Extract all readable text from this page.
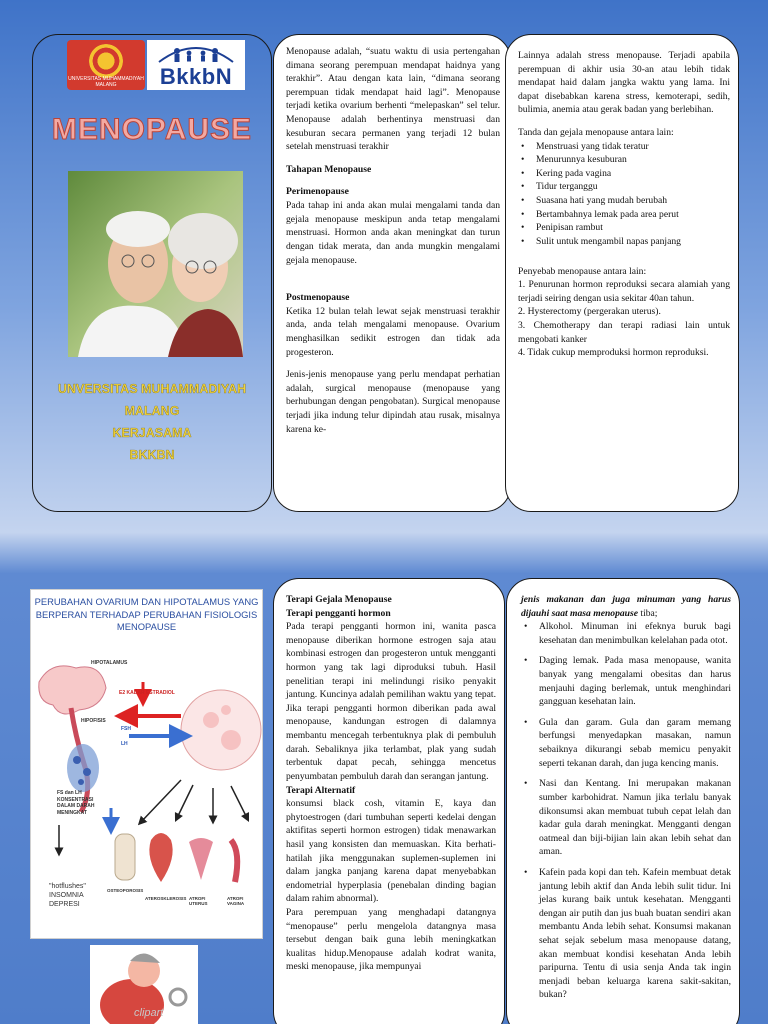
UNIVERSITAS MUHAMMADIYAH MALANG	BkkbN
MENOPAUSE
UNVERSITAS MUHAMMADIYAH MALANG
KERJASAMA
BKKBN

Menopause adalah, “suatu waktu di usia pertengahan dimana seorang perempuan mendapat haidnya yang terakhir”. Atau dengan kata lain, “dimana seorang perempuan tidak mendapat haid lagi”. Menopause terjadi ketika ovarium berhenti “melepaskan” sel telur. Menopause adalah berhentinya menstruasi dan kesuburan secara permanen yang terjadi 12 bulan setelah menstruasi terakhir

Tahapan Menopause

Perimenopause

Pada tahap ini anda akan mulai mengalami tanda dan gejala menopause meskipun anda tetap mengalami menstruasi. Hormon anda akan meningkat dan turun dengan tidak merata, dan anda mungkin mengalami gejala menopause.

Postmenopause

Ketika 12 bulan telah lewat sejak menstruasi terakhir anda, anda telah mengalami menopause. Ovarium menghasilkan sedikit estrogen dan tidak ada progesteron.

Jenis-jenis menopause yang perlu mendapat perhatian adalah, surgical menopause (menopause yang berhubungan dengan pengobatan). Surgical menopause terjadi jika indung telur dipindah atau rusak, misalnya karena ke-

Lainnya adalah stress menopause. Terjadi apabila perempuan di akhir usia 30-an atau lebih tidak mendapat haid dalam jangka waktu yang lama. Ini dapat disebabkan karena stress, kemoterapi, sedih, bulimia, anemia atau gerak badan yang berlebihan.

Tanda dan gejala menopause antara lain:

• Menstruasi yang tidak teratur
• Menurunnya kesuburan
• Kering pada vagina
• Tidur terganggu
• Suasana hati yang mudah berubah
• Bertambahnya lemak pada area perut
• Penipisan rambut
• Sulit untuk mengambil napas panjang

Penyebab menopause antara lain:

1. Penurunan hormon reproduksi secara alamiah yang terjadi seiring dengan usia sekitar 40an tahun.

2. Hysterectomy (pergerakan uterus).

3. Chemotherapy dan terapi radiasi lain untuk mengobati kanker

4. Tidak cukup memproduksi hormon reproduksi.

PERUBAHAN OVARIUM DAN HIPOTALAMUS YANG BERPERAN TERHADAP PERUBAHAN FISIOLOGIS MENOPAUSE
HIPOTALAMUS
HIPOFISIS
E2 KADAR ESTRADIOL
FSH
LH
FS dan LH KONSENTRASI DALAM DARAH MENINGKAT
"hotflushes" INSOMNIA DEPRESI
OSTEOPOROSIS
ATEROSKLEROSIS ATROFI UTERUS
ATROFI VAGINA
clipart

Terapi Gejala Menopause

Terapi pengganti hormon

Pada terapi pengganti hormon ini, wanita pasca menopause diberikan hormone estrogen saja atau kombinasi estrogen dan progesteron untuk mengganti hormon yang tak lagi diproduksi tubuh. Hasil penelitian terapi ini melindungi risiko penyakit jantung. Kuncinya adalah pemilihan waktu yang tepat. Jika terapi pengganti hormon diberikan pada awal menopause, kandungan estrogen di dalamnya membantu mencegah terbentuknya plak di pembuluh darah. Sebaliknya jika terlambat, plak yang sudah terbentuk dapat pecah, sehingga mencetus penyumbatan pembuluh darah dan serangan jantung.

Terapi Alternatif

konsumsi black cosh, vitamin E, kaya dan phytoestrogen (dari tumbuhan seperti kedelai dengan aktifitas seperti hormon estrogen) tidak menawarkan hasil yang konsisten dan memuaskan. Kita berhati-hatilah jika menggunakan suplemen-suplemen ini dalam jangka panjang karena dapat menyebabkan endometrial hyperplasia (penebalan dinding bagian dalam rahim abnormal).

Para perempuan yang menghadapi datangnya “menopause” perlu mengelola datangnya masa tersebut dengan baik guna lebih meningkatkan kualitas hidup.Menopause adalah kodrat wanita, meski menopause, jika mempunyai

jenis makanan dan juga minuman yang harus dijauhi saat masa menopause tiba;

• Alkohol. Minuman ini efeknya buruk bagi kesehatan dan menimbulkan kelelahan pada otot.
• Daging lemak. Pada masa menopause, wanita banyak yang mengalami obesitas dan harus menjauhi daging berlemak, untuk menghindari gangguan kesehatan lain.
• Gula dan garam. Gula dan garam memang berfungsi menyedapkan masakan, namun sebaiknya dikurangi sebab memicu penyakit seperti tekanan darah, dan juga kencing manis.
• Nasi dan Kentang. Ini merupakan makanan sumber karbohidrat. Namun jika terlalu banyak dikonsumsi akan membuat tubuh cepat lelah dan kadar gula darah meningkat. Mengganti dengan oatmeal dan biji-bijian lain akan lebih sehat dan aman.
• Kafein pada kopi dan teh. Kafein membuat detak jantung lebih aktif dan Anda lebih sulit tidur. Ini jelas kurang baik untuk kesehatan. Mengganti dengan air putih dan jus buah buatan sendiri akan membantu Anda lebih sehat. Konsumsi makanan sehat sejak sebelum masa menopause datang, akan membuat kondisi kesehatan Anda lebih paripurna. Tentu di usia senja Anda tak ingin menjadi beban keluarga karena sakit-sakitan, bukan?
